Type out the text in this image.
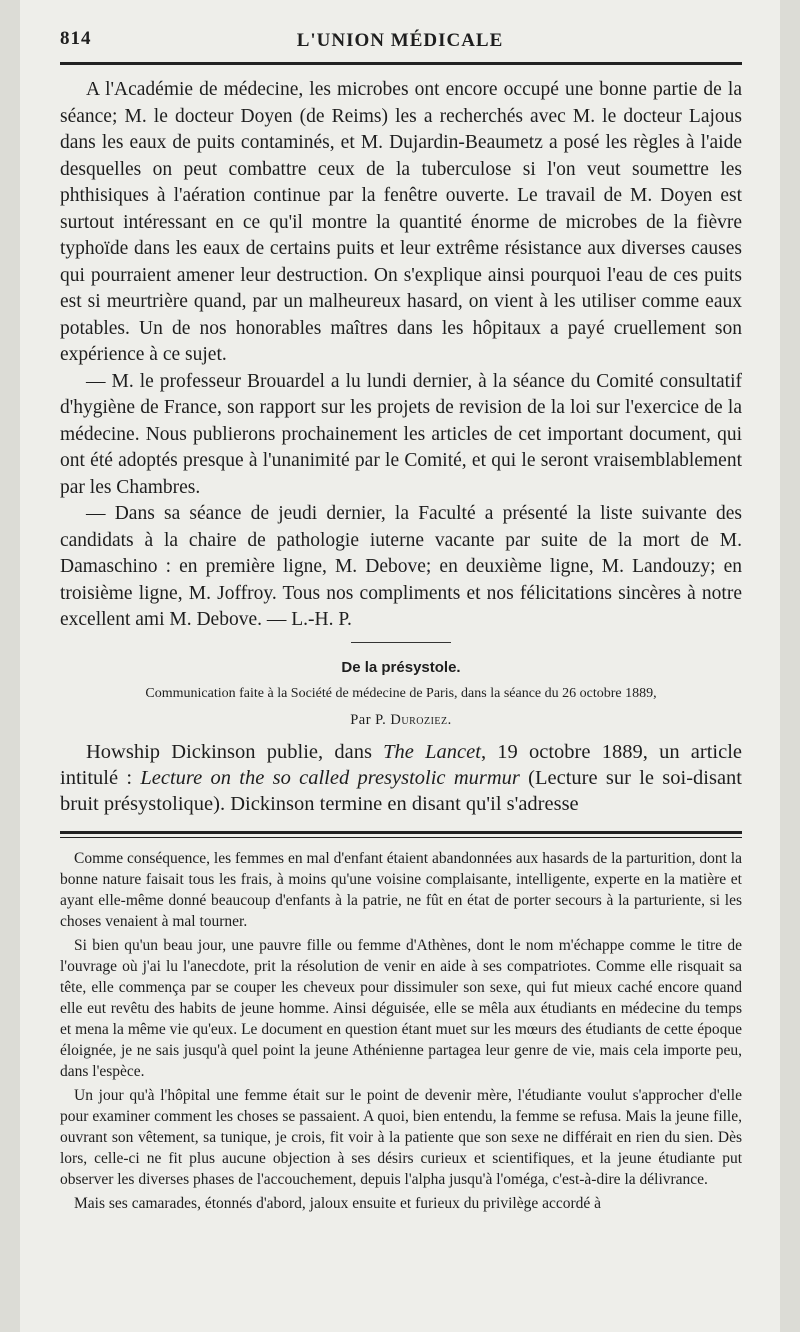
814	L'UNION MÉDICALE

A l'Académie de médecine, les microbes ont encore occupé une bonne partie de la séance; M. le docteur Doyen (de Reims) les a recherchés avec M. le docteur Lajous dans les eaux de puits contaminés, et M. Dujardin-Beaumetz a posé les règles à l'aide desquelles on peut combattre ceux de la tuberculose si l'on veut soumettre les phthisiques à l'aération continue par la fenêtre ouverte. Le travail de M. Doyen est surtout intéressant en ce qu'il montre la quantité énorme de microbes de la fièvre typhoïde dans les eaux de certains puits et leur extrême résistance aux diverses causes qui pourraient amener leur destruction. On s'explique ainsi pourquoi l'eau de ces puits est si meurtrière quand, par un malheureux hasard, on vient à les utiliser comme eaux potables. Un de nos honorables maîtres dans les hôpitaux a payé cruellement son expérience à ce sujet.

— M. le professeur Brouardel a lu lundi dernier, à la séance du Comité consultatif d'hygiène de France, son rapport sur les projets de revision de la loi sur l'exercice de la médecine. Nous publierons prochainement les articles de cet important document, qui ont été adoptés presque à l'unanimité par le Comité, et qui le seront vraisemblablement par les Chambres.

— Dans sa séance de jeudi dernier, la Faculté a présenté la liste suivante des candidats à la chaire de pathologie iuterne vacante par suite de la mort de M. Damaschino : en première ligne, M. Debove; en deuxième ligne, M. Landouzy; en troisième ligne, M. Joffroy. Tous nos compliments et nos félicitations sincères à notre excellent ami M. Debove. — L.-H. P.

De la présystole.
Communication faite à la Société de médecine de Paris, dans la séance du 26 octobre 1889,
Par P. Duroziez.

Howship Dickinson publie, dans The Lancet, 19 octobre 1889, un article intitulé : Lecture on the so called presystolic murmur (Lecture sur le soi-disant bruit présystolique). Dickinson termine en disant qu'il s'adresse

Comme conséquence, les femmes en mal d'enfant étaient abandonnées aux hasards de la parturition, dont la bonne nature faisait tous les frais, à moins qu'une voisine complaisante, intelligente, experte en la matière et ayant elle-même donné beaucoup d'enfants à la patrie, ne fût en état de porter secours à la parturiente, si les choses venaient à mal tourner.

Si bien qu'un beau jour, une pauvre fille ou femme d'Athènes, dont le nom m'échappe comme le titre de l'ouvrage où j'ai lu l'anecdote, prit la résolution de venir en aide à ses compatriotes. Comme elle risquait sa tête, elle commença par se couper les cheveux pour dissimuler son sexe, qui fut mieux caché encore quand elle eut revêtu des habits de jeune homme. Ainsi déguisée, elle se mêla aux étudiants en médecine du temps et mena la même vie qu'eux. Le document en question étant muet sur les mœurs des étudiants de cette époque éloignée, je ne sais jusqu'à quel point la jeune Athénienne partagea leur genre de vie, mais cela importe peu, dans l'espèce.

Un jour qu'à l'hôpital une femme était sur le point de devenir mère, l'étudiante voulut s'approcher d'elle pour examiner comment les choses se passaient. A quoi, bien entendu, la femme se refusa. Mais la jeune fille, ouvrant son vêtement, sa tunique, je crois, fit voir à la patiente que son sexe ne différait en rien du sien. Dès lors, celle-ci ne fit plus aucune objection à ses désirs curieux et scientifiques, et la jeune étudiante put observer les diverses phases de l'accouchement, depuis l'alpha jusqu'à l'oméga, c'est-à-dire la délivrance.

Mais ses camarades, étonnés d'abord, jaloux ensuite et furieux du privilège accordé à
